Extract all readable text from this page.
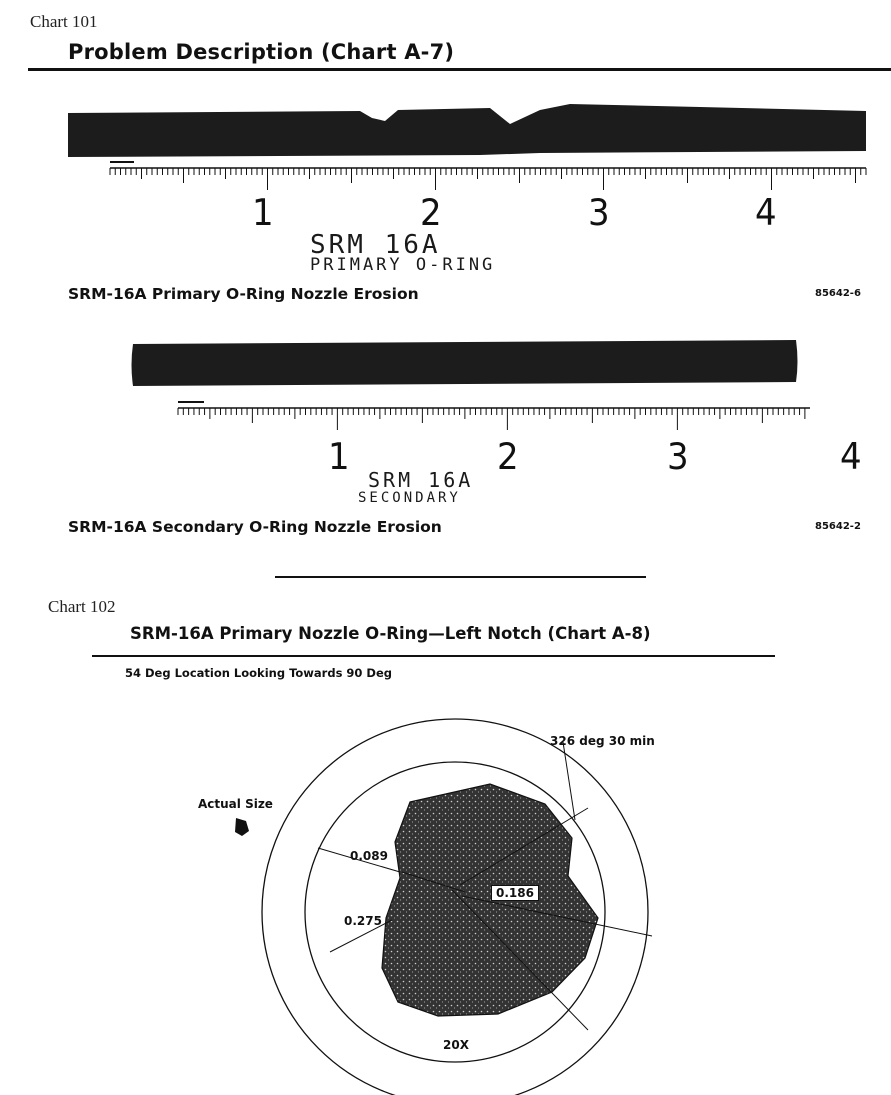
Chart 101
Problem Description (Chart A-7)
1	2	3	4
SRM 16A
PRIMARY O-RING
SRM-16A Primary O-Ring Nozzle Erosion	85642-6
1	2	3	4
SRM 16A
SECONDARY
SRM-16A Secondary O-Ring Nozzle Erosion	85642-2
Chart 102
SRM-16A Primary Nozzle O-Ring—Left Notch (Chart A-8)
54 Deg Location Looking Towards 90 Deg
326 deg 30 min
Actual Size
0.089
0.186
0.275
20X
